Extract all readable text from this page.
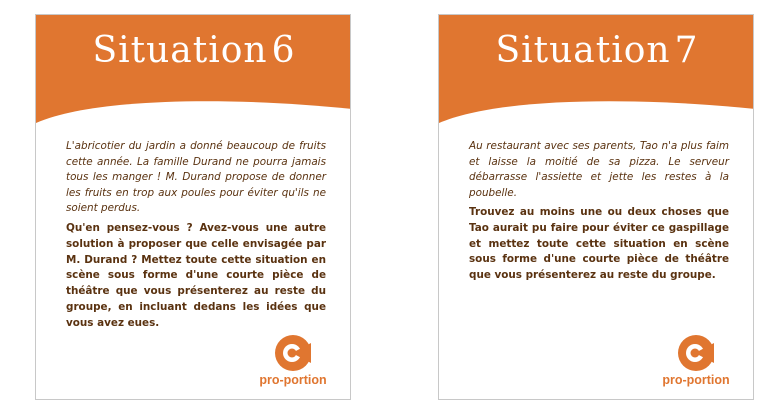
Situation 6
L'abricotier du jardin a donné beaucoup de fruits cette année. La famille Durand ne pourra jamais tous les manger ! M. Durand propose de donner les fruits en trop aux poules pour éviter qu'ils ne soient perdus.
Qu'en pensez-vous ? Avez-vous une autre solution à proposer que celle envisagée par M. Durand ? Mettez toute cette situation en scène sous forme d'une courte pièce de théâtre que vous présenterez au reste du groupe, en incluant dedans les idées que vous avez eues.
pro-portion
Situation 7
Au restaurant avec ses parents, Tao n'a plus faim et laisse la moitié de sa pizza. Le serveur débarrasse l'assiette et jette les restes à la poubelle.
Trouvez au moins une ou deux choses que Tao aurait pu faire pour éviter ce gaspillage et mettez toute cette situation en scène sous forme d'une courte pièce de théâtre que vous présenterez au reste du groupe.
pro-portion
